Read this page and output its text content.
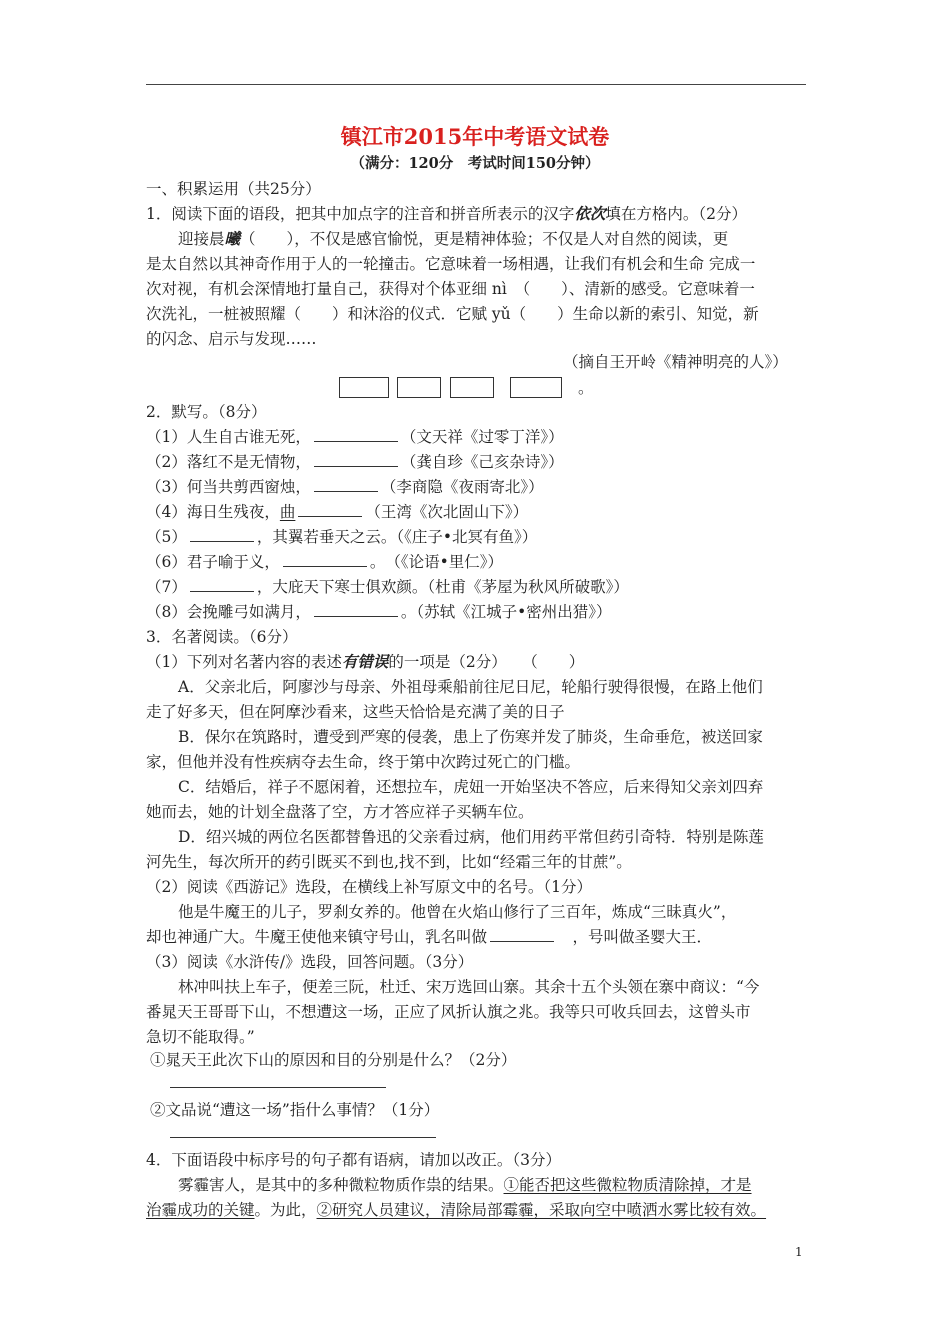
镇江市2015年中考语文试卷
（满分：120分　考试时间150分钟）
一、积累运用（共25分）
1．阅读下面的语段，把其中加点字的注音和拼音所表示的汉字依次填在方格内。（2分）
迎接晨曦（　　），不仅是感官愉悦，更是精神体验；不仅是人对自然的阅读，更
是太自然以其神奇作用于人的一轮撞击。它意味着一场相遇，让我们有机会和生命 完成一
次对视，有机会深情地打量自己，获得对个体亚细 nì　（　　）、清新的感受。它意味着一
次洗礼，一桩被照耀（　　）和沐浴的仪式．它赋 yǔ（　　）生命以新的索引、知觉，新
的闪念、启示与发现……
（摘自王开岭《精神明亮的人》）
。
2．默写。（8分）
（1）人生自古谁无死，	（文天祥《过零丁洋》）
（2）落红不是无情物，	（龚自珍《己亥杂诗》）
（3）何当共剪西窗烛，	（李商隐《夜雨寄北》）
（4）海日生残夜，曲	（王湾《次北固山下》）
（5）	，其翼若垂天之云。（《庄子•北冥有鱼》）
（6）君子喻于义，	。　（《论语•里仁》）
（7）	，大庇天下寒士俱欢颜。（杜甫《茅屋为秋风所破歌》）
（8）会挽雕弓如满月，	。（苏轼《江城子•密州出猎》）
3．名著阅读。（6分）
（1）下列对名著内容的表述有错误的一项是（2分）　　（　　）
A．父亲北后，阿廖沙与母亲、外祖母乘船前往尼日尼，轮船行驶得很慢，在路上他们
走了好多天，但在阿摩沙看来，这些天恰恰是充满了美的日子
B．保尔在筑路时，遭受到严寒的侵袭，患上了伤寒并发了肺炎，生命垂危，被送回家
家，但他并没有性疾病夺去生命，终于第中次跨过死亡的门槛。
C．结婚后，祥子不愿闲着，还想拉车，虎妞一开始坚决不答应，后来得知父亲刘四弃
她而去，她的计划全盘落了空，方才答应祥子买辆车位。
D．绍兴城的两位名医都替鲁迅的父亲看过病，他们用药平常但药引奇特．特别是陈莲
河先生，每次所开的药引既买不到也,找不到，比如“经霜三年的甘蔗”。
（2）阅读《西游记》选段，在横线上补写原文中的名号。（1分）
他是牛魔王的儿子，罗刹女养的。他曾在火焰山修行了三百年，炼成“三昧真火”，
却也神通广大。牛魔王使他来镇守号山，乳名叫做　	，号叫做圣婴大王．
（3）阅读《水浒传/》选段，回答问题。（3分）
林冲叫扶上车子，便差三阮，杜迁、宋万选回山寨。其余十五个头领在寨中商议：“今
番晁天王哥哥下山，不想遭这一场，正应了风折认旗之兆。我等只可收兵回去，这曾头市
急切不能取得。”
①晁天王此次下山的原因和目的分别是什么？（2分）
②文品说“遭这一场”指什么事情？（1分）
4．下面语段中标序号的句子都有语病，请加以改正。（3分）
雾霾害人，是其中的多种微粒物质作祟的结果。①能否把这些微粒物质清除掉，才是
治霾成功的关键。为此，②研究人员建议，清除局部霉霾，采取向空中喷洒水雾比较有效。
1
